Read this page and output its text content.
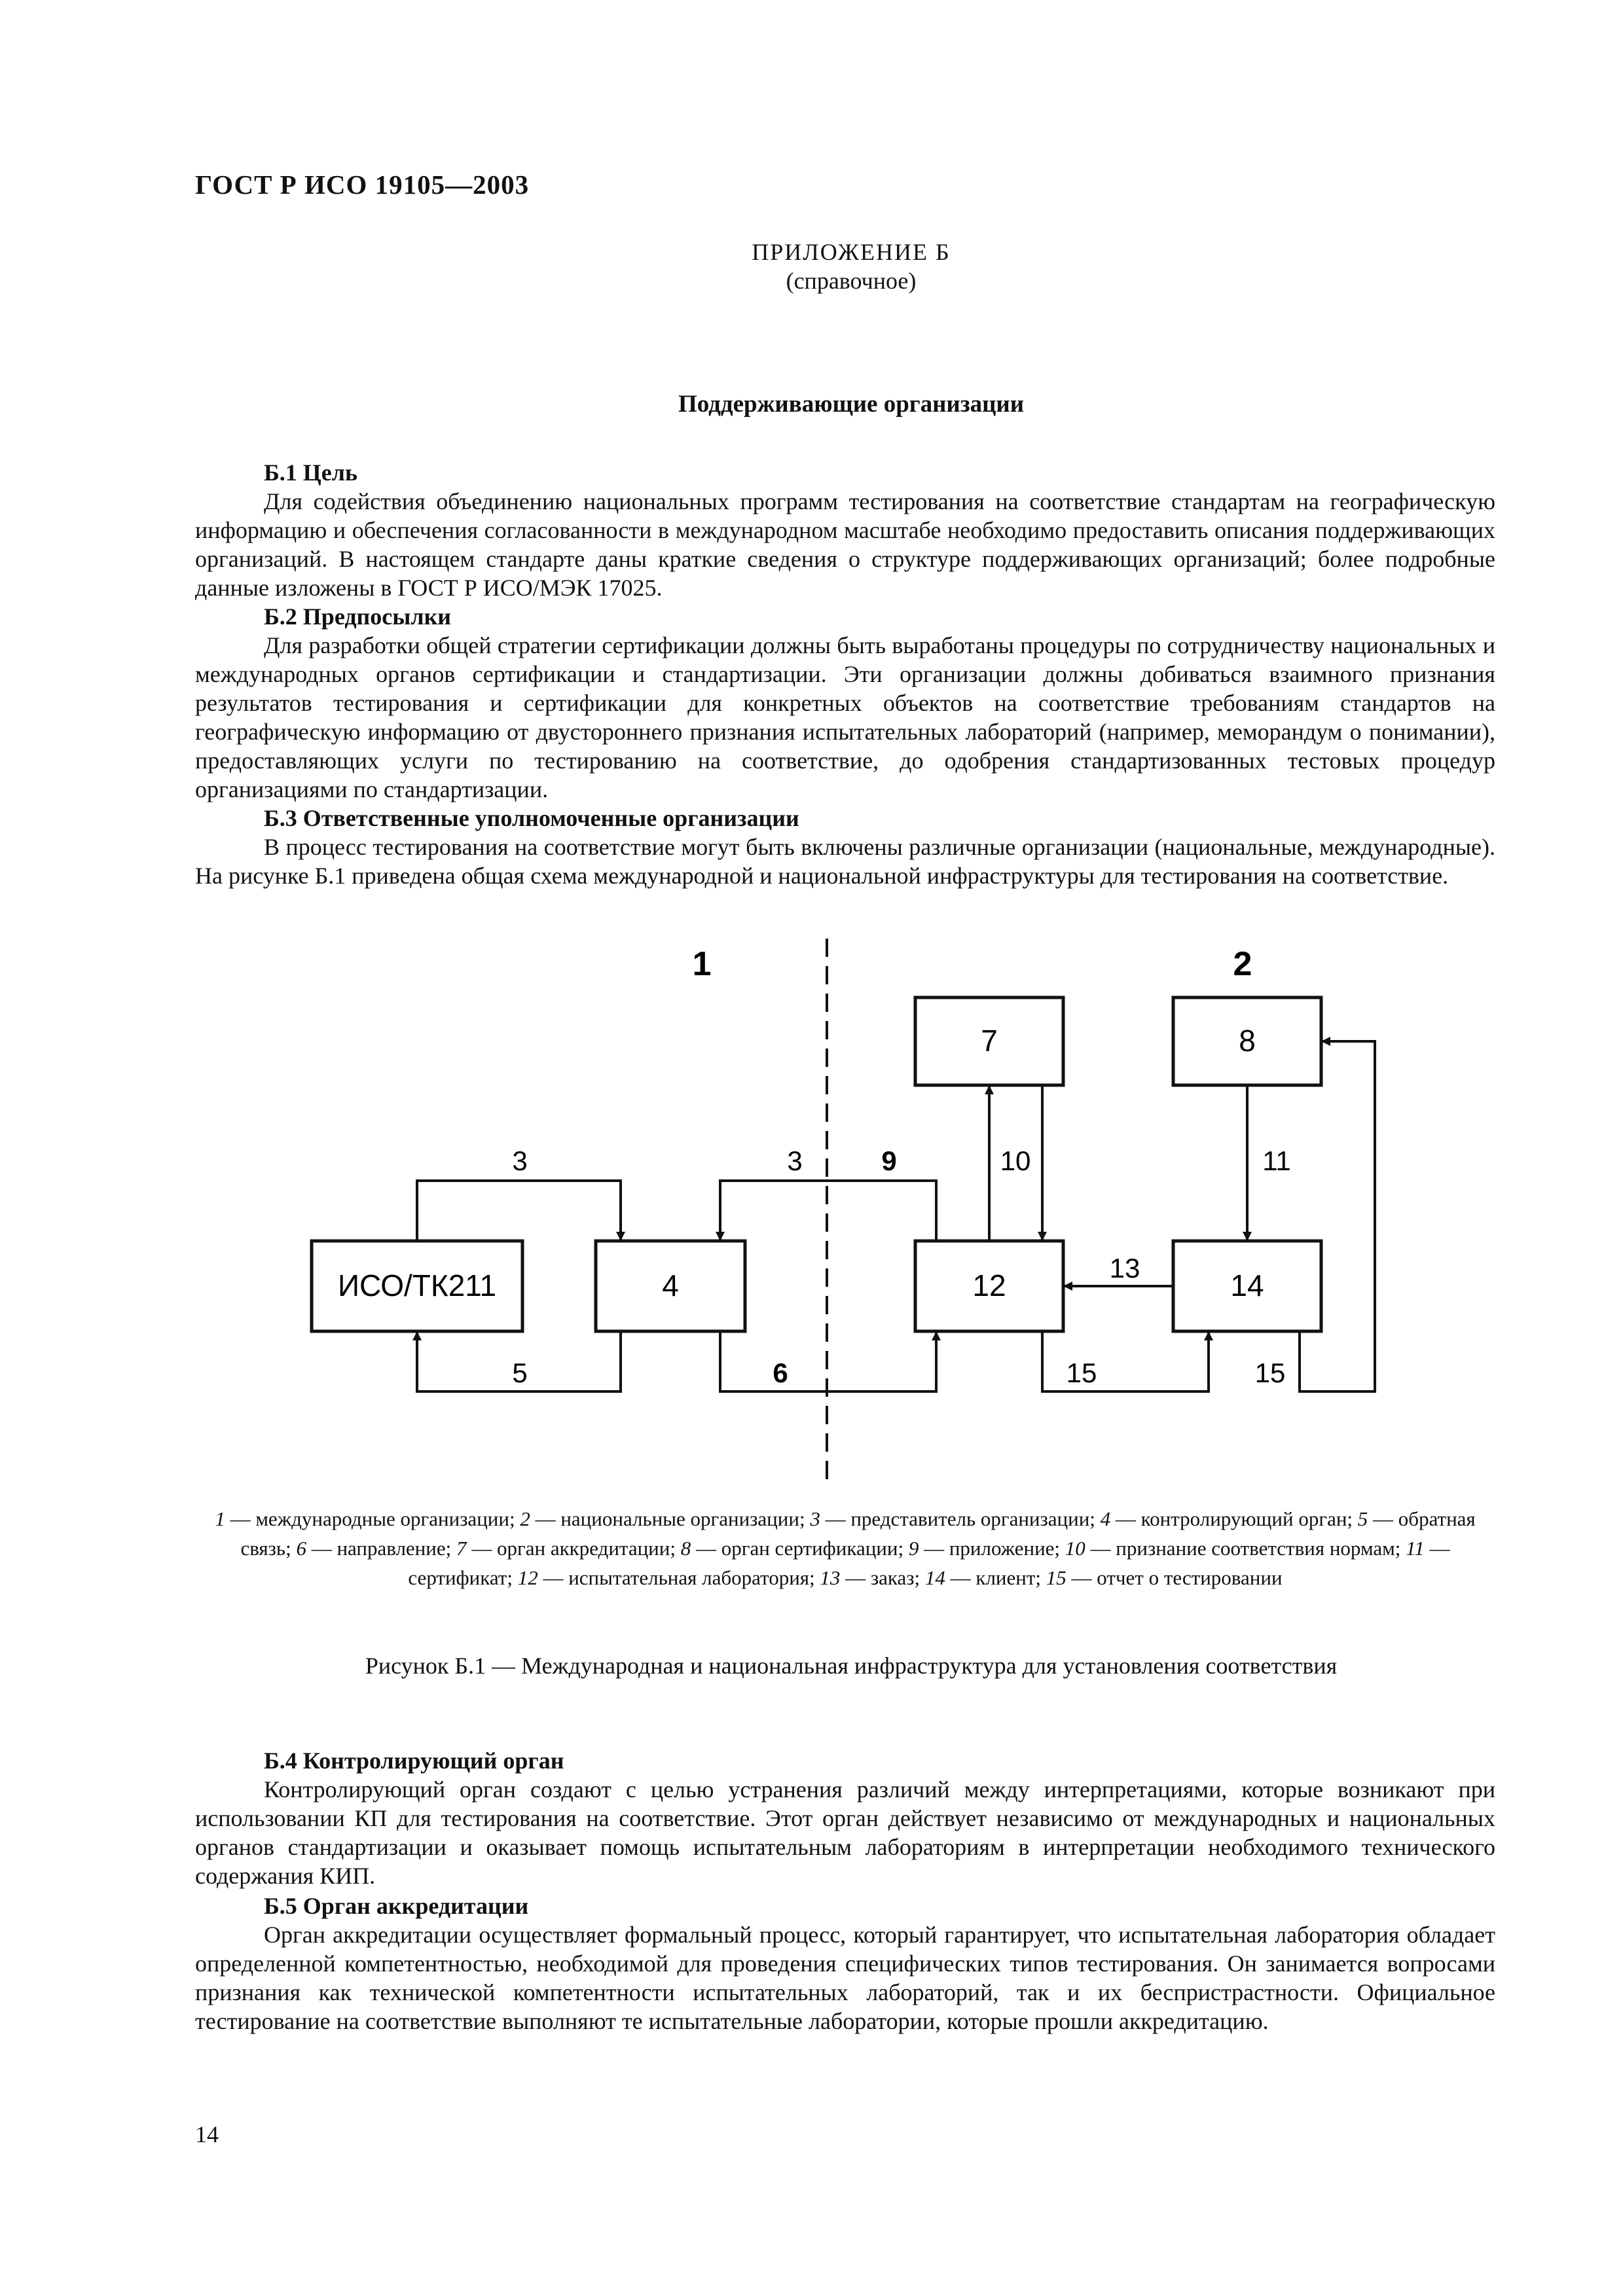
ГОСТ Р ИСО 19105—2003
ПРИЛОЖЕНИЕ Б
(справочное)
Поддерживающие организации
Б.1 Цель

Для содействия объединению национальных программ тестирования на соответствие стандартам на географическую информацию и обеспечения согласованности в международном масштабе необходимо предоставить описания поддерживающих организаций. В настоящем стандарте даны краткие сведения о структуре поддерживающих организаций; более подробные данные изложены в ГОСТ Р ИСО/МЭК 17025.

Б.2 Предпосылки

Для разработки общей стратегии сертификации должны быть выработаны процедуры по сотрудничеству национальных и международных органов сертификации и стандартизации. Эти организации должны добиваться взаимного признания результатов тестирования и сертификации для конкретных объектов на соответствие требованиям стандартов на географическую информацию от двустороннего признания испытательных лабораторий (например, меморандум о понимании), предоставляющих услуги по тестированию на соответствие, до одобрения стандартизованных тестовых процедур организациями по стандартизации.

Б.3 Ответственные уполномоченные организации

В процесс тестирования на соответствие могут быть включены различные организации (национальные, международные). На рисунке Б.1 приведена общая схема международной и национальной инфраструктуры для тестирования на соответствие.

1	2
ИСО/ТК211	4
7	8
12	14
3	3	9	10	11
13
5	6	15	15
1 — международные организации; 2 — национальные организации; 3 — представитель организации; 4 — контролирующий орган; 5 — обратная связь; 6 — направление; 7 — орган аккредитации; 8 — орган сертификации; 9 — приложение; 10 — признание соответствия нормам; 11 — сертификат; 12 — испытательная лаборатория; 13 — заказ; 14 — клиент; 15 — отчет о тестировании
Рисунок Б.1 — Международная и национальная инфраструктура для установления соответствия
Б.4 Контролирующий орган

Контролирующий орган создают с целью устранения различий между интерпретациями, которые возникают при использовании КП для тестирования на соответствие. Этот орган действует независимо от международных и национальных органов стандартизации и оказывает помощь испытательным лабораториям в интерпретации необходимого технического содержания КИП.

Б.5 Орган аккредитации

Орган аккредитации осуществляет формальный процесс, который гарантирует, что испытательная лаборатория обладает определенной компетентностью, необходимой для проведения специфических типов тестирования. Он занимается вопросами признания как технической компетентности испытательных лабораторий, так и их беспристрастности. Официальное тестирование на соответствие выполняют те испытательные лаборатории, которые прошли аккредитацию.

14
